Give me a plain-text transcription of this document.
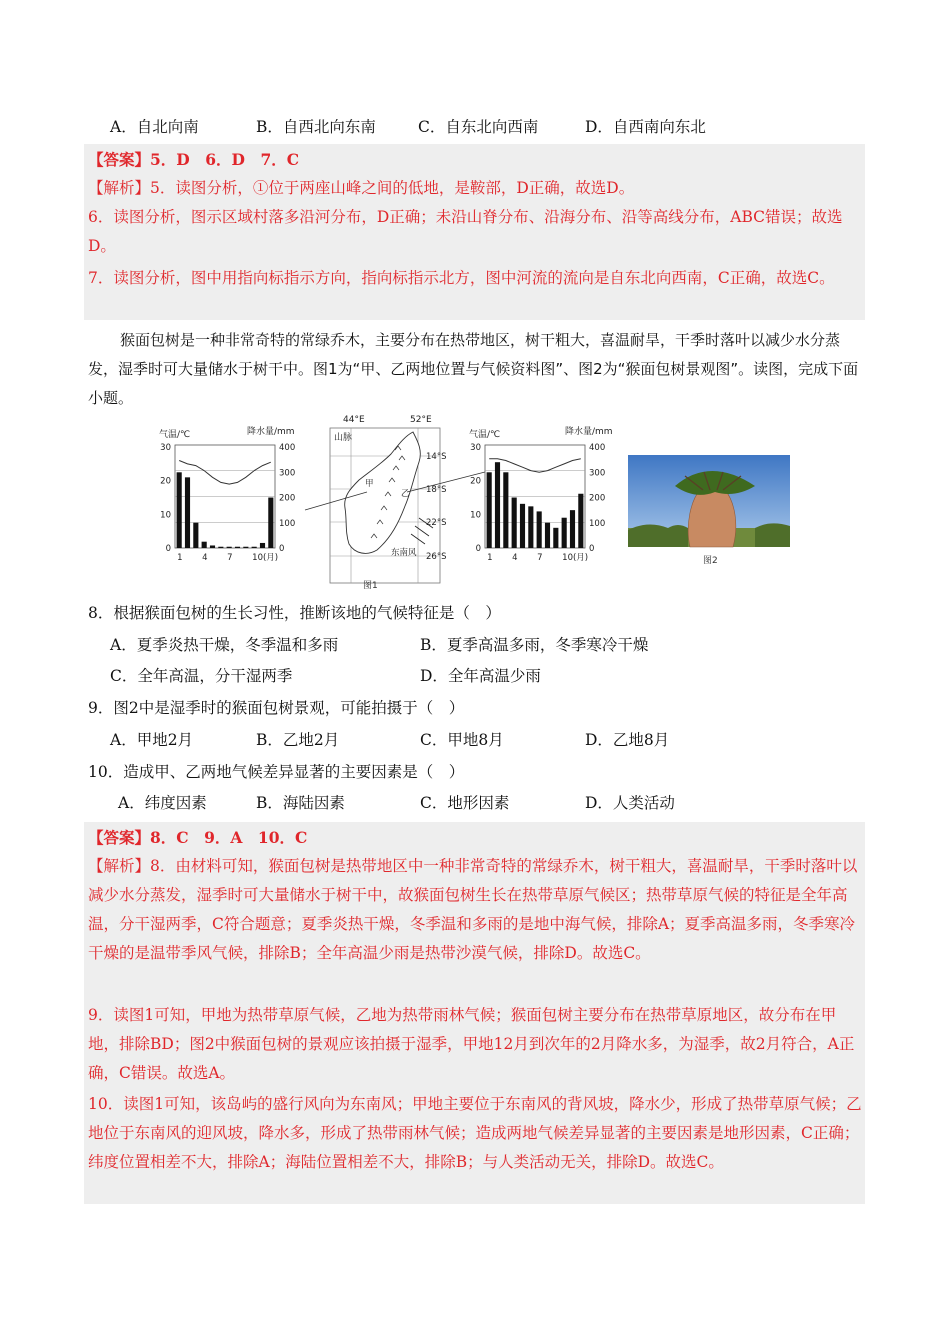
A．自北向南	B．自西北向东南	C．自东北向西南	D．自西南向东北
【答案】5．D　6．D　7．C
【解析】5．读图分析，①位于两座山峰之间的低地，是鞍部，D正确，故选D。
6．读图分析，图示区域村落多沿河分布，D正确；未沿山脊分布、沿海分布、沿等高线分布，ABC错误；故选D。
7．读图分析，图中用指向标指示方向，指向标指示北方，图中河流的流向是自东北向西南，C正确，故选C。
猴面包树是一种非常奇特的常绿乔木，主要分布在热带地区，树干粗大，喜温耐旱，干季时落叶以减少水分蒸发，湿季时可大量储水于树干中。图1为“甲、乙两地位置与气候资料图”、图2为“猴面包树景观图”。读图，完成下面小题。
气温/℃	降水量/mm
30
20
10
0
400
300
200
100
0
1 4 7 10(月)
44°E	52°E
14°S
18°S
22°S
26°S
山脉
甲
乙
东南风
图1
气温/℃	降水量/mm
30
20
10
0
400
300
200
100
0
1 4 7 10(月)	图2
8．根据猴面包树的生长习性，推断该地的气候特征是（　）
A．夏季炎热干燥，冬季温和多雨	B．夏季高温多雨，冬季寒冷干燥
C．全年高温，分干湿两季	D．全年高温少雨
9．图2中是湿季时的猴面包树景观，可能拍摄于（　）
A．甲地2月	B．乙地2月	C．甲地8月	D．乙地8月
10．造成甲、乙两地气候差异显著的主要因素是（　）
A．纬度因素	B．海陆因素	C．地形因素	D．人类活动
【答案】8．C　9．A　10．C
【解析】8．由材料可知，猴面包树是热带地区中一种非常奇特的常绿乔木，树干粗大，喜温耐旱，干季时落叶以减少水分蒸发，湿季时可大量储水于树干中，故猴面包树生长在热带草原气候区；热带草原气候的特征是全年高温，分干湿两季，C符合题意；夏季炎热干燥，冬季温和多雨的是地中海气候，排除A；夏季高温多雨，冬季寒冷干燥的是温带季风气候，排除B；全年高温少雨是热带沙漠气候，排除D。故选C。
9．读图1可知，甲地为热带草原气候，乙地为热带雨林气候；猴面包树主要分布在热带草原地区，故分布在甲地，排除BD；图2中猴面包树的景观应该拍摄于湿季，甲地12月到次年的2月降水多，为湿季，故2月符合，A正确，C错误。故选A。
10．读图1可知，该岛屿的盛行风向为东南风；甲地主要位于东南风的背风坡，降水少，形成了热带草原气候；乙地位于东南风的迎风坡，降水多，形成了热带雨林气候；造成两地气候差异显著的主要因素是地形因素，C正确；纬度位置相差不大，排除A；海陆位置相差不大，排除B；与人类活动无关，排除D。故选C。
